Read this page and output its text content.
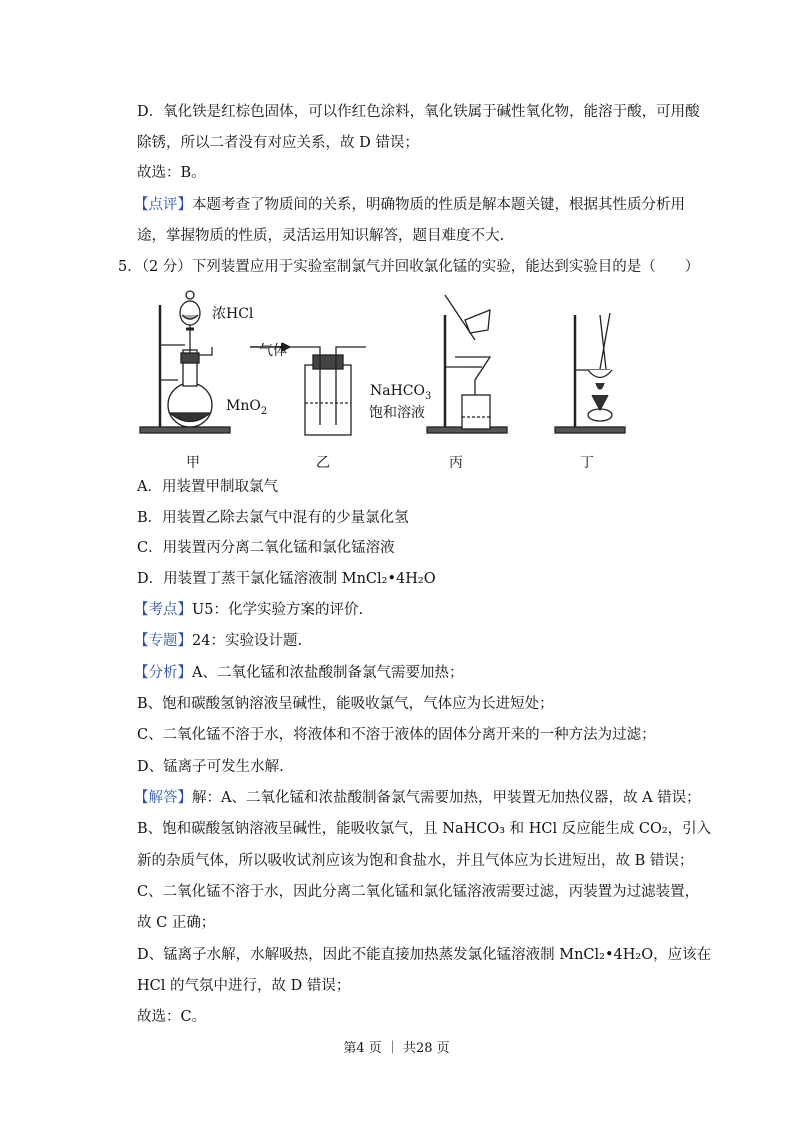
D．氧化铁是红棕色固体，可以作红色涂料，氧化铁属于碱性氧化物，能溶于酸，可用酸
除锈，所以二者没有对应关系，故 D 错误；
故选：B。
【点评】本题考查了物质间的关系，明确物质的性质是解本题关键，根据其性质分析用
途，掌握物质的性质，灵活运用知识解答，题目难度不大.
5．（2 分）下列装置应用于实验室制氯气并回收氯化锰的实验，能达到实验目的是（　　）
浓HCl
MnO$_2$
气体
NaHCO$_3$
饱和溶液
甲	乙	丙	丁
A．用装置甲制取氯气
B．用装置乙除去氯气中混有的少量氯化氢
C．用装置丙分离二氧化锰和氯化锰溶液
D．用装置丁蒸干氯化锰溶液制 MnCl₂•4H₂O
【考点】U5：化学实验方案的评价.
【专题】24：实验设计题.
【分析】A、二氧化锰和浓盐酸制备氯气需要加热；
B、饱和碳酸氢钠溶液呈碱性，能吸收氯气，气体应为长进短处；
C、二氧化锰不溶于水，将液体和不溶于液体的固体分离开来的一种方法为过滤；
D、锰离子可发生水解.
【解答】解：A、二氧化锰和浓盐酸制备氯气需要加热，甲装置无加热仪器，故 A 错误；
B、饱和碳酸氢钠溶液呈碱性，能吸收氯气，且 NaHCO₃ 和 HCl 反应能生成 CO₂，引入
新的杂质气体，所以吸收试剂应该为饱和食盐水，并且气体应为长进短出，故 B 错误；
C、二氧化锰不溶于水，因此分离二氧化锰和氯化锰溶液需要过滤，丙装置为过滤装置，
故 C 正确；
D、锰离子水解，水解吸热，因此不能直接加热蒸发氯化锰溶液制 MnCl₂•4H₂O，应该在
HCl 的气氛中进行，故 D 错误；
故选：C。
第4 页 ｜ 共28 页
